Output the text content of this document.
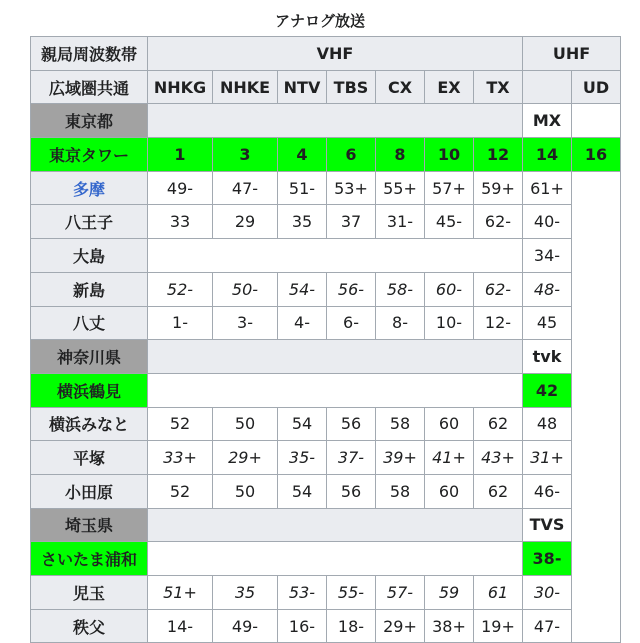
アナログ放送
親局周波数帯	VHF							UHF	
広域圏共通	NHKG	NHKE	NTV	TBS	CX	EX	TX		UD
東京都								MX	
東京タワー	1	3	4	6	8	10	12	14	16
多摩	49-	47-	51-	53+	55+	57+	59+	61+	
八王子	33	29	35	37	31-	45-	62-	40-	
大島								34-	
新島	52-	50-	54-	56-	58-	60-	62-	48-	
八丈	1-	3-	4-	6-	8-	10-	12-	45	
神奈川県								tvk	
横浜鶴見								42	
横浜みなと	52	50	54	56	58	60	62	48	
平塚	33+	29+	35-	37-	39+	41+	43+	31+	
小田原	52	50	54	56	58	60	62	46-	
埼玉県								TVS	
さいたま浦和								38-	
児玉	51+	35	53-	55-	57-	59	61	30-	
秩父	14-	49-	16-	18-	29+	38+	19+	47-	
